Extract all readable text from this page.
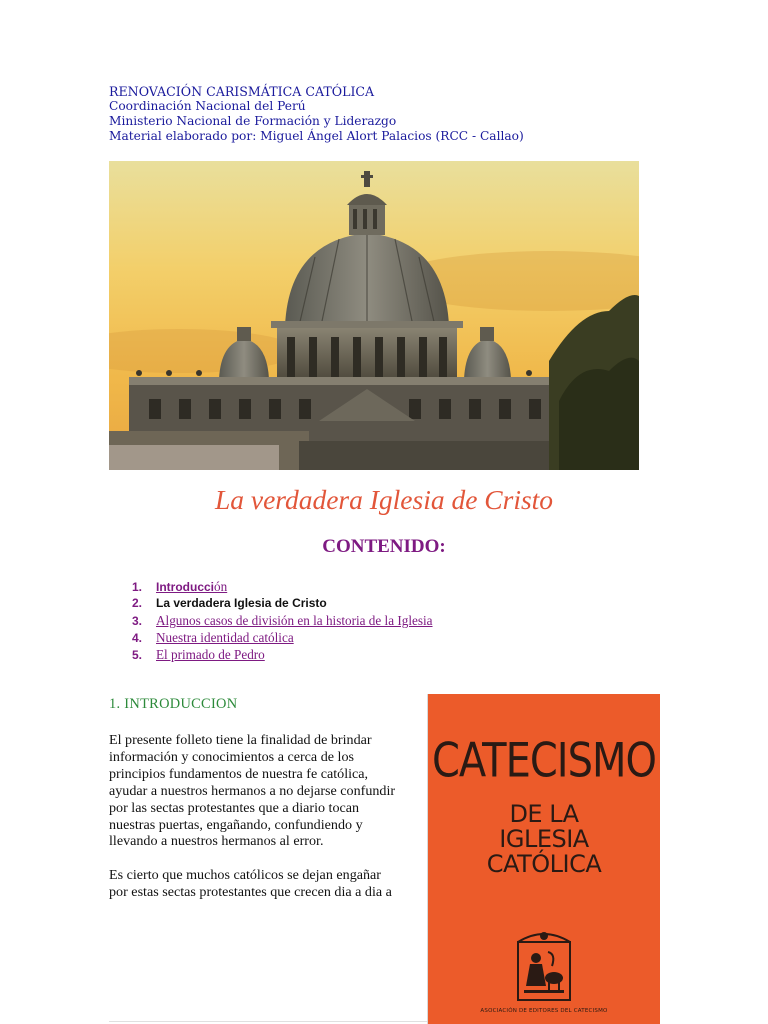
RENOVACIÓN CARISMÁTICA CATÓLICA
Coordinación Nacional del Perú
Ministerio Nacional de Formación y Liderazgo
Material elaborado por: Miguel Ángel Alort Palacios (RCC - Callao)
La verdadera Iglesia de Cristo
CONTENIDO:
1.	Introducción
2.	La verdadera Iglesia de Cristo
3.	Algunos casos de división en la historia de la Iglesia
4.	Nuestra identidad católica
5.	El primado de Pedro
1. INTRODUCCION

El presente folleto tiene la finalidad de brindar
información y conocimientos a cerca de los
principios fundamentos de nuestra fe católica,
ayudar a nuestros hermanos a no dejarse confundir
por las sectas protestantes que a diario tocan
nuestras puertas, engañando, confundiendo y
llevando a nuestros hermanos al error.

Es cierto que muchos católicos se dejan engañar
por estas sectas protestantes que crecen dia a dia a

CATECISMO
DE LA
IGLESIA
CATÓLICA
ASOCIACIÓN DE EDITORES DEL CATECISMO
